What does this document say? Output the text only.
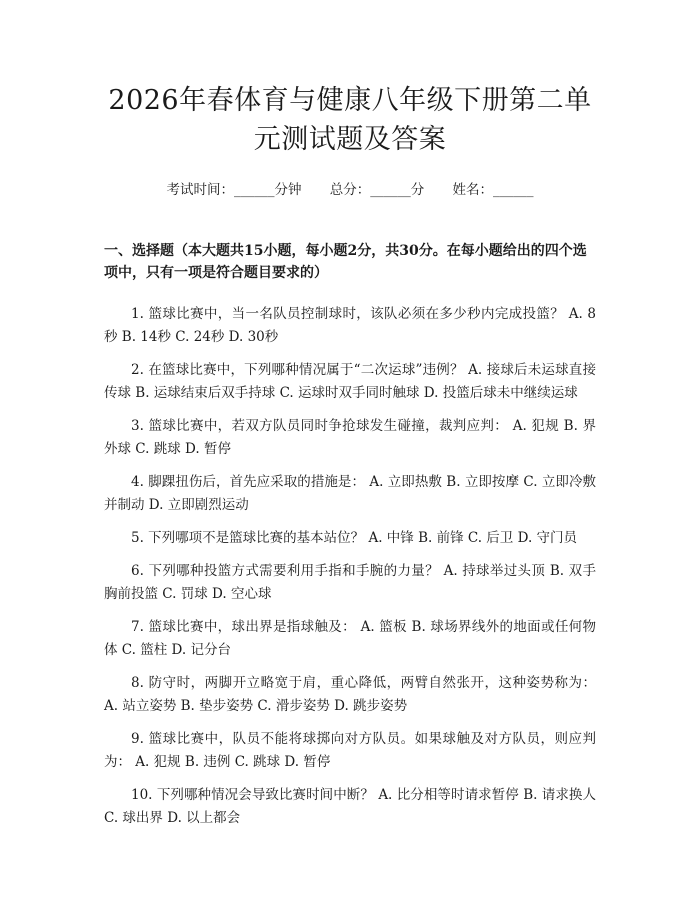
2026年春体育与健康八年级下册第二单元测试题及答案
考试时间：______分钟 总分：______分 姓名：______
一、选择题（本大题共15小题，每小题2分，共30分。在每小题给出的四个选项中，只有一项是符合题目要求的）

1. 篮球比赛中，当一名队员控制球时，该队必须在多少秒内完成投篮？ A. 8秒 B. 14秒 C. 24秒 D. 30秒

2. 在篮球比赛中，下列哪种情况属于“二次运球”违例？ A. 接球后未运球直接传球 B. 运球结束后双手持球 C. 运球时双手同时触球 D. 投篮后球未中继续运球

3. 篮球比赛中，若双方队员同时争抢球发生碰撞，裁判应判： A. 犯规 B. 界外球 C. 跳球 D. 暂停

4. 脚踝扭伤后，首先应采取的措施是： A. 立即热敷 B. 立即按摩 C. 立即冷敷并制动 D. 立即剧烈运动

5. 下列哪项不是篮球比赛的基本站位？ A. 中锋 B. 前锋 C. 后卫 D. 守门员

6. 下列哪种投篮方式需要利用手指和手腕的力量？ A. 持球举过头顶 B. 双手胸前投篮 C. 罚球 D. 空心球

7. 篮球比赛中，球出界是指球触及： A. 篮板 B. 球场界线外的地面或任何物体 C. 篮柱 D. 记分台

8. 防守时，两脚开立略宽于肩，重心降低，两臂自然张开，这种姿势称为： A. 站立姿势 B. 垫步姿势 C. 滑步姿势 D. 跳步姿势

9. 篮球比赛中，队员不能将球掷向对方队员。如果球触及对方队员，则应判为： A. 犯规 B. 违例 C. 跳球 D. 暂停

10. 下列哪种情况会导致比赛时间中断？ A. 比分相等时请求暂停 B. 请求换人 C. 球出界 D. 以上都会
